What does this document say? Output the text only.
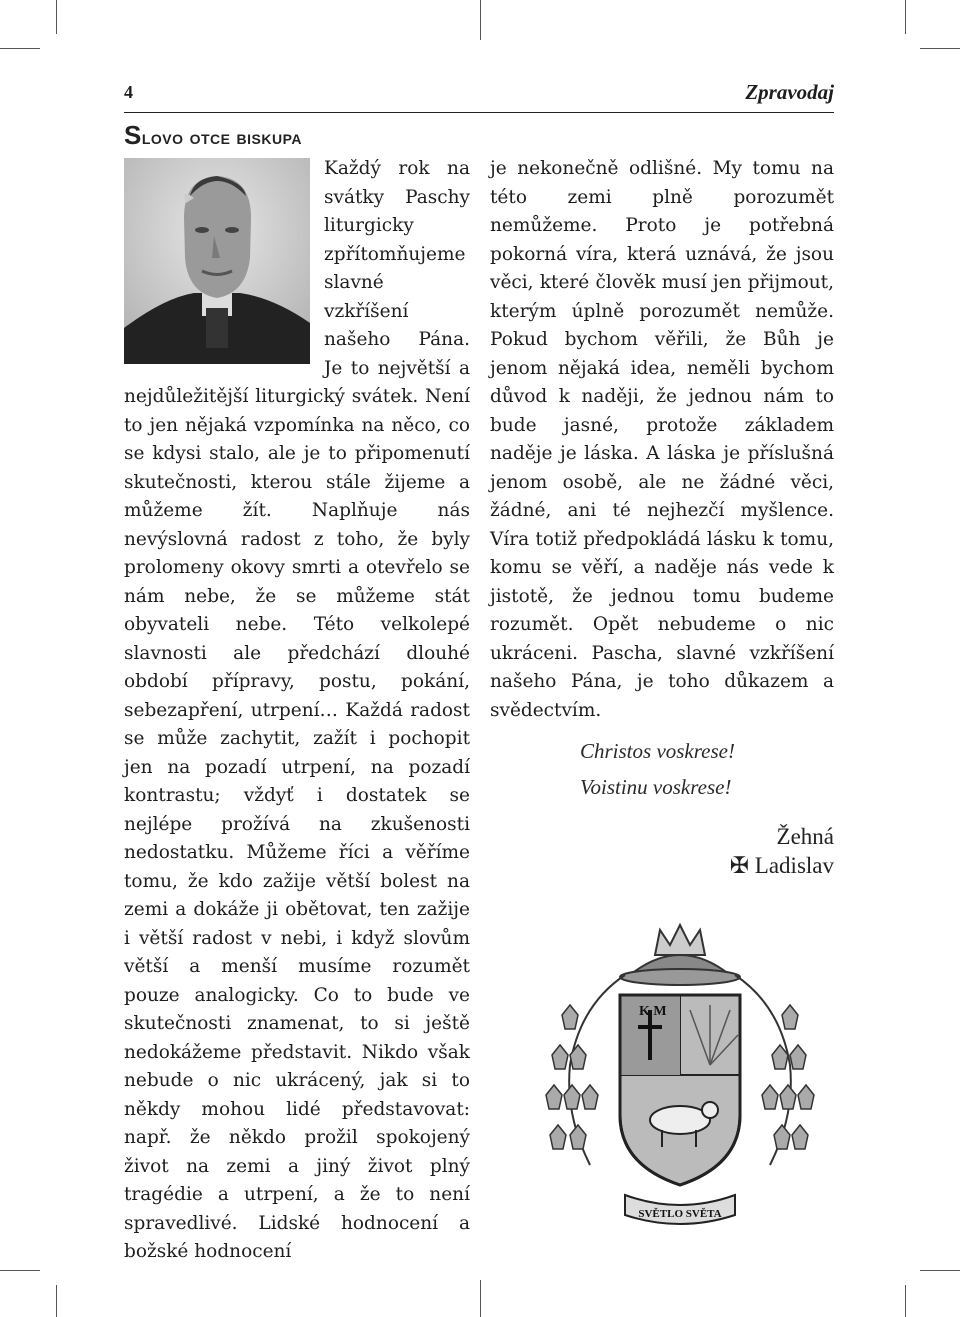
4	Zpravodaj
Slovo otce biskupa

Každý rok na svátky Paschy liturgicky zpřítomňujeme slavné vzkříšení našeho Pána. Je to největší a nejdůležitější liturgický svátek. Není to jen nějaká vzpomínka na něco, co se kdysi stalo, ale je to připomenutí skutečnosti, kterou stále žijeme a můžeme žít. Naplňuje nás nevýslovná radost z toho, že byly prolomeny okovy smrti a otevřelo se nám nebe, že se můžeme stát obyvateli nebe. Této velkolepé slavnosti ale předchází dlouhé období přípravy, postu, pokání, sebezapření, utrpení… Každá radost se může zachytit, zažít i pochopit jen na pozadí utrpení, na pozadí kontrastu; vždyť i dostatek se nejlépe prožívá na zkušenosti nedostatku. Můžeme říci a věříme tomu, že kdo zažije větší bolest na zemi a dokáže ji obětovat, ten zažije i větší radost v nebi, i když slovům větší a menší musíme rozumět pouze analogicky. Co to bude ve skutečnosti znamenat, to si ještě nedokážeme představit. Nikdo však nebude o nic ukrácený, jak si to někdy mohou lidé představovat: např. že někdo prožil spokojený život na zemi a jiný život plný tragédie a utrpení, a že to není spravedlivé. Lidské hodnocení a božské hodnocení

je nekonečně odlišné. My tomu na této zemi plně porozumět nemůžeme. Proto je potřebná pokorná víra, která uznává, že jsou věci, které člověk musí jen přijmout, kterým úplně porozumět nemůže. Pokud bychom věřili, že Bůh je jenom nějaká idea, neměli bychom důvod k naději, že jednou nám to bude jasné, protože základem naděje je láska. A láska je příslušná jenom osobě, ale ne žádné věci, žádné, ani té nejhezčí myšlence. Víra totiž předpokládá lásku k tomu, komu se věří, a naděje nás vede k jistotě, že jednou tomu budeme rozumět. Opět nebudeme o nic ukráceni. Pascha, slavné vzkříšení našeho Pána, je toho důkazem a svědectvím.

Christos voskrese!
Voistinu voskrese!
Žehná
✠ Ladislav
K M
SVĚTLO SVĚTA
